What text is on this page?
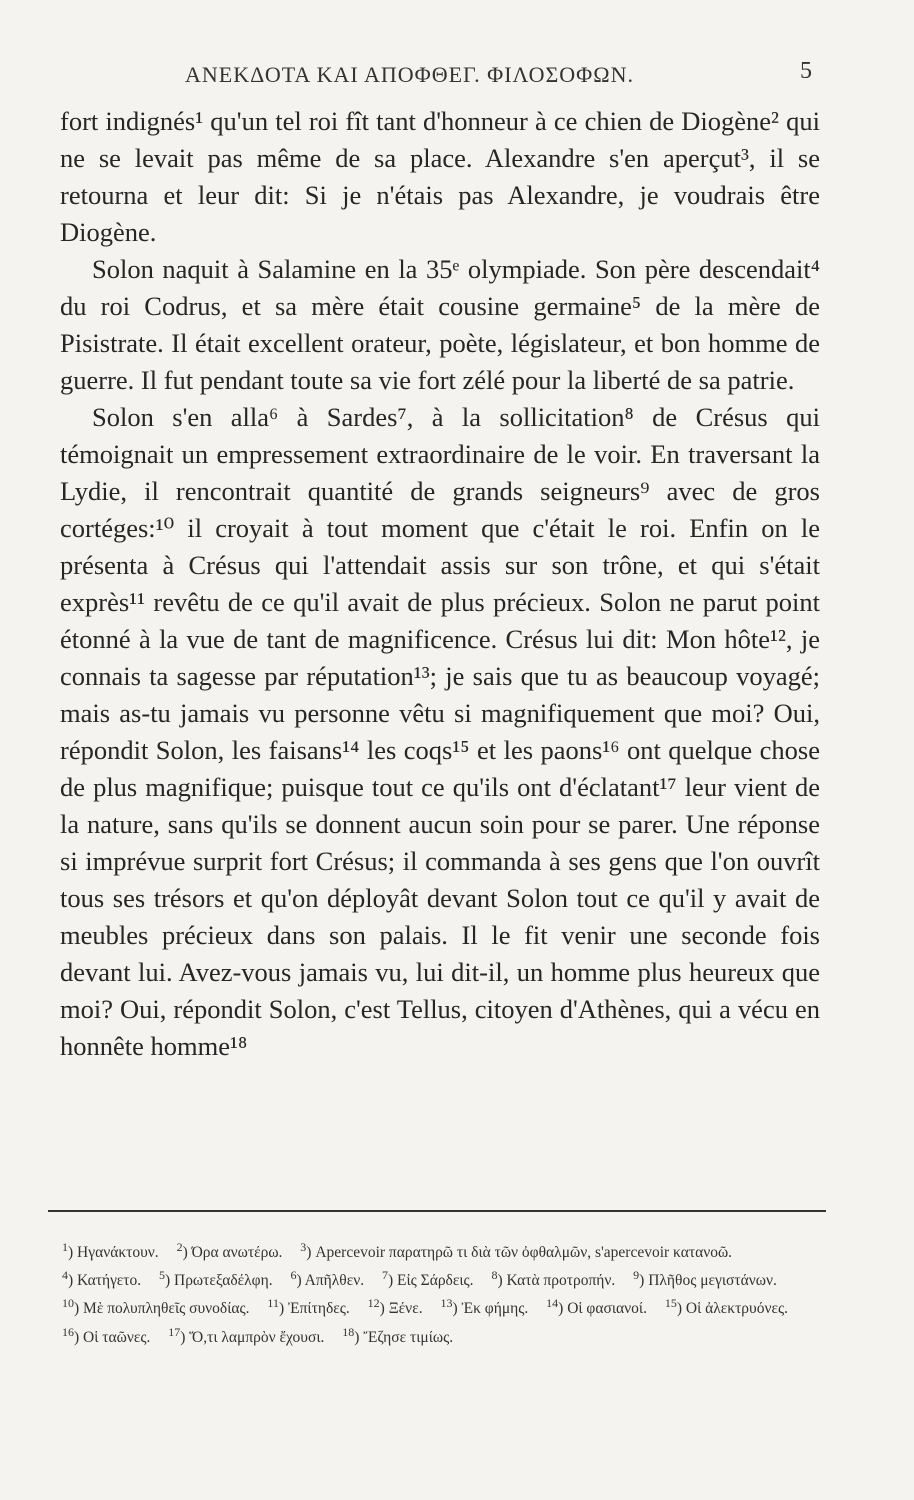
ΑΝΕΚΔΟΤΑ ΚΑΙ ΑΠΟΦΘΕΓ. ΦΙΛΟΣΟΦΩΝ.	5

fort indignés¹ qu'un tel roi fît tant d'honneur à ce chien de Diogène² qui ne se levait pas même de sa place. Alexandre s'en aperçut³, il se retourna et leur dit: Si je n'étais pas Alexandre, je voudrais être Diogène.

Solon naquit à Salamine en la 35ᵉ olympiade. Son père descendait⁴ du roi Codrus, et sa mère était cousine germaine⁵ de la mère de Pisistrate. Il était excellent orateur, poète, législateur, et bon homme de guerre. Il fut pendant toute sa vie fort zélé pour la liberté de sa patrie.

Solon s'en alla⁶ à Sardes⁷, à la sollicitation⁸ de Crésus qui témoignait un empressement extraordinaire de le voir. En traversant la Lydie, il rencontrait quantité de grands seigneurs⁹ avec de gros cortéges:¹⁰ il croyait à tout moment que c'était le roi. Enfin on le présenta à Crésus qui l'attendait assis sur son trône, et qui s'était exprès¹¹ revêtu de ce qu'il avait de plus précieux. Solon ne parut point étonné à la vue de tant de magnificence. Crésus lui dit: Mon hôte¹², je connais ta sagesse par réputation¹³; je sais que tu as beaucoup voyagé; mais as-tu jamais vu personne vêtu si magnifiquement que moi? Oui, répondit Solon, les faisans¹⁴ les coqs¹⁵ et les paons¹⁶ ont quelque chose de plus magnifique; puisque tout ce qu'ils ont d'éclatant¹⁷ leur vient de la nature, sans qu'ils se donnent aucun soin pour se parer. Une réponse si imprévue surprit fort Crésus; il commanda à ses gens que l'on ouvrît tous ses trésors et qu'on déployât devant Solon tout ce qu'il y avait de meubles précieux dans son palais. Il le fit venir une seconde fois devant lui. Avez-vous jamais vu, lui dit-il, un homme plus heureux que moi? Oui, répondit Solon, c'est Tellus, citoyen d'Athènes, qui a vécu en honnête homme¹⁸

$^1$) Ηγανάκτουν. $^2$) Όρα ανωτέρω. $^3$) Apercevoir παρατηρῶ τι διὰ τῶν ὀφθαλμῶν, s'apercevoir κατανοῶ. $^4$) Κατήγετο. $^5$) Πρωτεξαδέλφη. $^6$) Απῆλθεν. $^7$) Εἰς Σάρδεις. $^8$) Κατὰ προτροπήν. $^9$) Πλῆθος μεγιστάνων. $^{10}$) Μὲ πολυπληθεῖς συνοδίας. $^{11}$) Ἐπίτηδες. $^{12}$) Ξένε. $^{13}$) Ἐκ φήμης. $^{14}$) Οἱ φασιανοί. $^{15}$) Οἱ ἀλεκτρυόνες. $^{16}$) Οἱ ταῶνες. $^{17}$) Ὅ,τι λαμπρὸν ἔχουσι. $^{18}$) Ἔζησε τιμίως.
